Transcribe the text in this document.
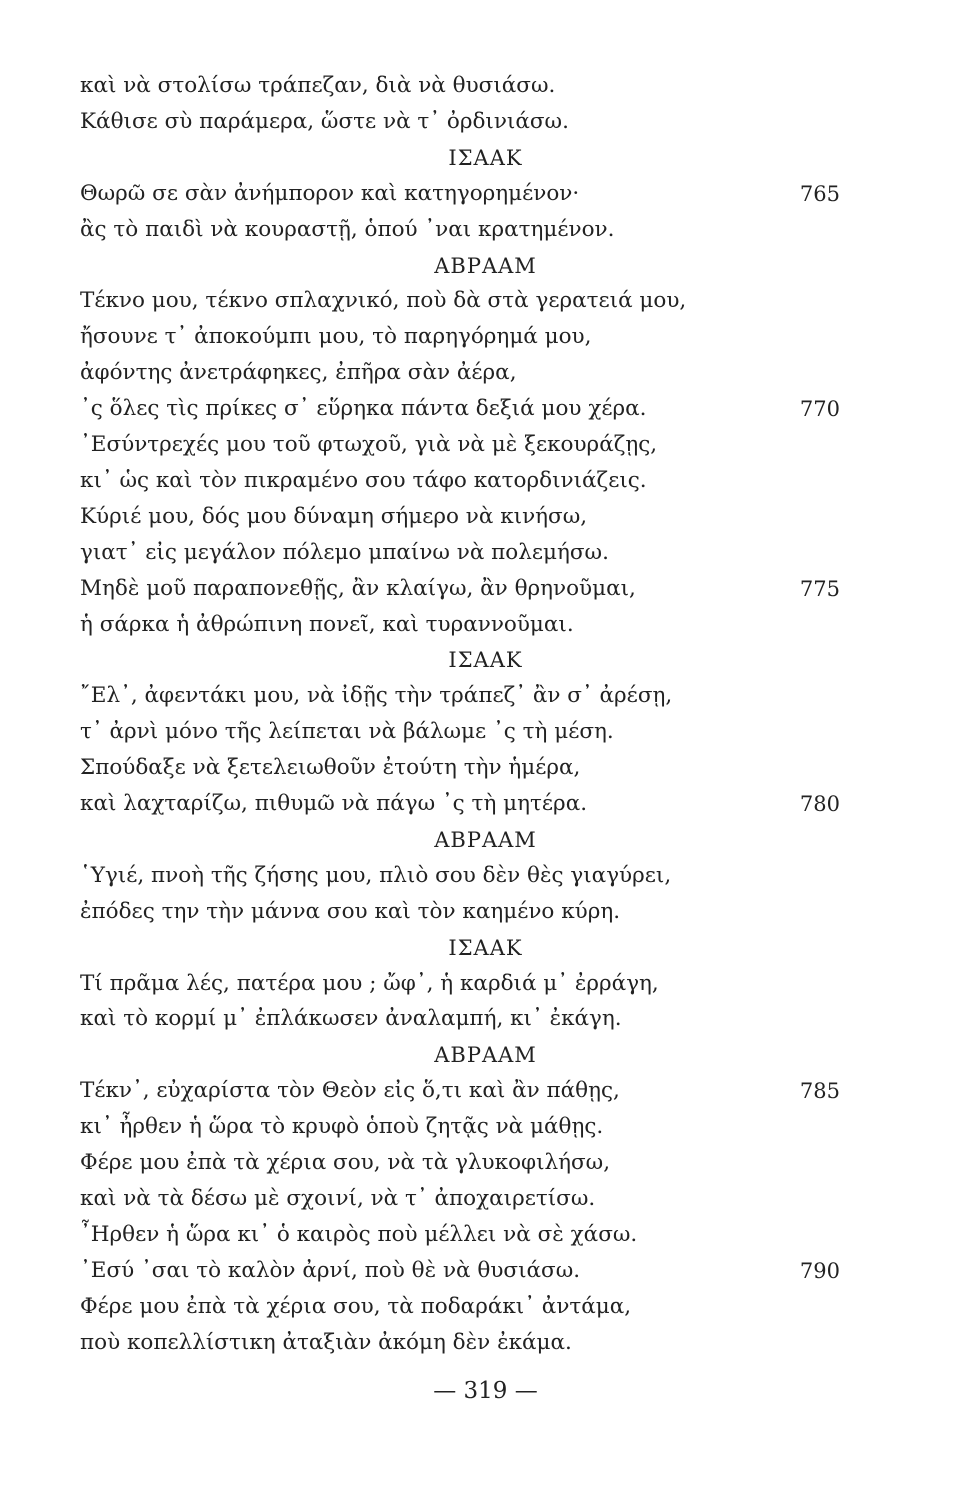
καὶ νὰ στολίσω τράπεζαν, διὰ νὰ θυσιάσω.
Κάθισε σὺ παράμερα, ὥστε νὰ τ᾽ ὀρδινιάσω.
ΙΣΑΑΚ
Θωρῶ σε σὰν ἀνήμπορον καὶ κατηγορημένον·	765
ἂς τὸ παιδὶ νὰ κουραστῇ, ὁπού ᾽ναι κρατημένον.
ΑΒΡΑΑΜ
Τέκνο μου, τέκνο σπλαχνικό, ποὺ δὰ στὰ γερατειά μου,
ἤσουνε τ᾽ ἀποκούμπι μου, τὸ παρηγόρημά μου,
ἀφόντης ἀνετράφηκες, ἐπῆρα σὰν ἀέρα,
᾽ς ὅλες τὶς πρίκες σ᾽ εὕρηκα πάντα δεξιά μου χέρα.	770
᾽Εσύντρεχές μου τοῦ φτωχοῦ, γιὰ νὰ μὲ ξεκουράζῃς,
κι᾽ ὡς καὶ τὸν πικραμένο σου τάφο κατορδινιάζεις.
Κύριέ μου, δός μου δύναμη σήμερο νὰ κινήσω,
γιατ᾽ εἰς μεγάλον πόλεμο μπαίνω νὰ πολεμήσω.
Μηδὲ μοῦ παραπονεθῇς, ἂν κλαίγω, ἂν θρηνοῦμαι,	775
ἡ σάρκα ἡ ἀθρώπινη πονεῖ, καὶ τυραννοῦμαι.
ΙΣΑΑΚ
῎Ελ᾽, ἀφεντάκι μου, νὰ ἰδῇς τὴν τράπεζ᾽ ἂν σ᾽ ἀρέσῃ,
τ᾽ ἀρνὶ μόνο τῆς λείπεται νὰ βάλωμε ᾽ς τὴ μέση.
Σπούδαξε νὰ ξετελειωθοῦν ἐτούτη τὴν ἡμέρα,
καὶ λαχταρίζω, πιθυμῶ νὰ πάγω ᾽ς τὴ μητέρα.	780
ΑΒΡΑΑΜ
῾Υγιέ, πνοὴ τῆς ζήσης μου, πλιὸ σου δὲν θὲς γιαγύρει,
ἐπόδες την τὴν μάννα σου καὶ τὸν καημένο κύρη.
ΙΣΑΑΚ
Τί πρᾶμα λές, πατέρα μου ; ὤφ᾽, ἡ καρδιά μ᾽ ἐρράγη,
καὶ τὸ κορμί μ᾽ ἐπλάκωσεν ἀναλαμπή, κι᾽ ἐκάγη.
ΑΒΡΑΑΜ
Τέκν᾽, εὐχαρίστα τὸν Θεὸν εἰς ὅ,τι καὶ ἂν πάθῃς,	785
κι᾽ ἦρθεν ἡ ὥρα τὸ κρυφὸ ὁποὺ ζητᾷς νὰ μάθῃς.
Φέρε μου ἐπὰ τὰ χέρια σου, νὰ τὰ γλυκοφιλήσω,
καὶ νὰ τὰ δέσω μὲ σχοινί, νὰ τ᾽ ἀποχαιρετίσω.
῏Ηρθεν ἡ ὥρα κι᾽ ὁ καιρὸς ποὺ μέλλει νὰ σὲ χάσω.
᾽Εσύ ᾽σαι τὸ καλὸν ἀρνί, ποὺ θὲ νὰ θυσιάσω.	790
Φέρε μου ἐπὰ τὰ χέρια σου, τὰ ποδαράκι᾽ ἀντάμα,
ποὺ κοπελλίστικη ἀταξιὰν ἀκόμη δὲν ἐκάμα.
— 319 —
